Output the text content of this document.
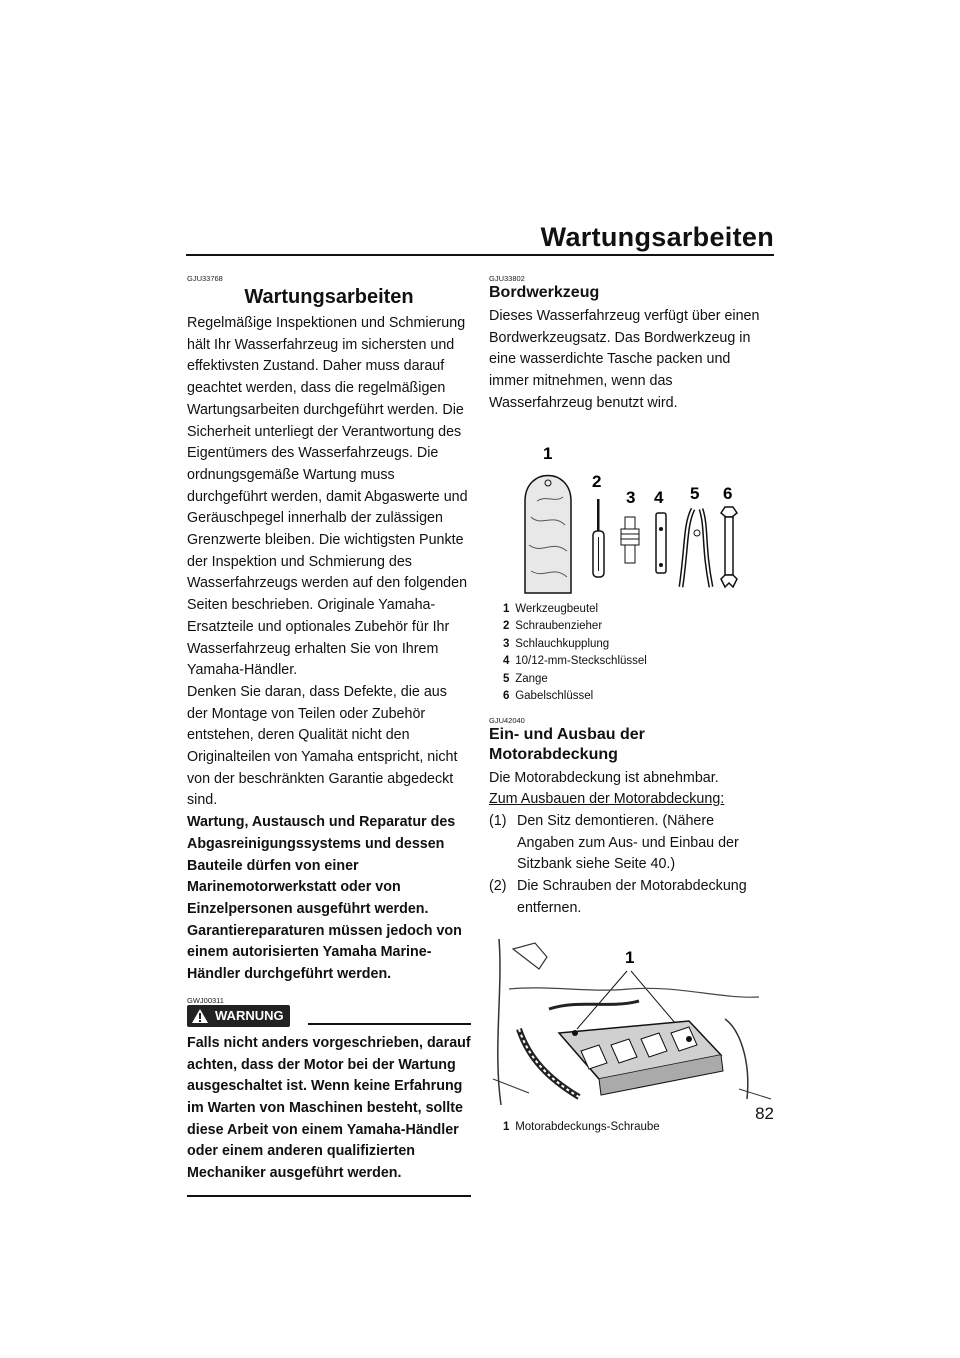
Wartungsarbeiten
GJU33768
Wartungsarbeiten

Regelmäßige Inspektionen und Schmierung hält Ihr Wasserfahrzeug im sichersten und effektivsten Zustand. Daher muss darauf geachtet werden, dass die regelmäßigen Wartungsarbeiten durchgeführt werden. Die Sicherheit unterliegt der Verantwortung des Eigentümers des Wasserfahrzeugs. Die ordnungsgemäße Wartung muss durchgeführt werden, damit Abgaswerte und Geräuschpegel innerhalb der zulässigen Grenzwerte bleiben. Die wichtigsten Punkte der Inspektion und Schmierung des Wasserfahrzeugs werden auf den folgenden Seiten beschrieben. Originale Yamaha-Ersatzteile und optionales Zubehör für Ihr Wasserfahrzeug erhalten Sie von Ihrem Yamaha-Händler.

Denken Sie daran, dass Defekte, die aus der Montage von Teilen oder Zubehör entstehen, deren Qualität nicht den Originalteilen von Yamaha entspricht, nicht von der beschränkten Garantie abgedeckt sind.

Wartung, Austausch und Reparatur des Abgasreinigungssystems und dessen Bauteile dürfen von einer Marinemotorwerkstatt oder von Einzelpersonen ausgeführt werden. Garantiereparaturen müssen jedoch von einem autorisierten Yamaha Marine-Händler durchgeführt werden.

GWJ00311
WARNUNG

Falls nicht anders vorgeschrieben, darauf achten, dass der Motor bei der Wartung ausgeschaltet ist. Wenn keine Erfahrung im Warten von Maschinen besteht, sollte diese Arbeit von einem Yamaha-Händler oder einem anderen qualifizierten Mechaniker ausgeführt werden.

GJU33802
Bordwerkzeug

Dieses Wasserfahrzeug verfügt über einen Bordwerkzeugsatz. Das Bordwerkzeug in eine wasserdichte Tasche packen und immer mitnehmen, wenn das Wasserfahrzeug benutzt wird.

1
2
3 4 5 6
1 Werkzeugbeutel
2 Schraubenzieher
3 Schlauchkupplung
4 10/12-mm-Steckschlüssel
5 Zange
6 Gabelschlüssel
GJU42040
Ein- und Ausbau der Motorabdeckung

Die Motorabdeckung ist abnehmbar.

Zum Ausbauen der Motorabdeckung:

(1) Den Sitz demontieren. (Nähere Angaben zum Aus- und Einbau der Sitzbank siehe Seite 40.)
(2) Die Schrauben der Motorabdeckung entfernen.
1
1 Motorabdeckungs-Schraube
82
